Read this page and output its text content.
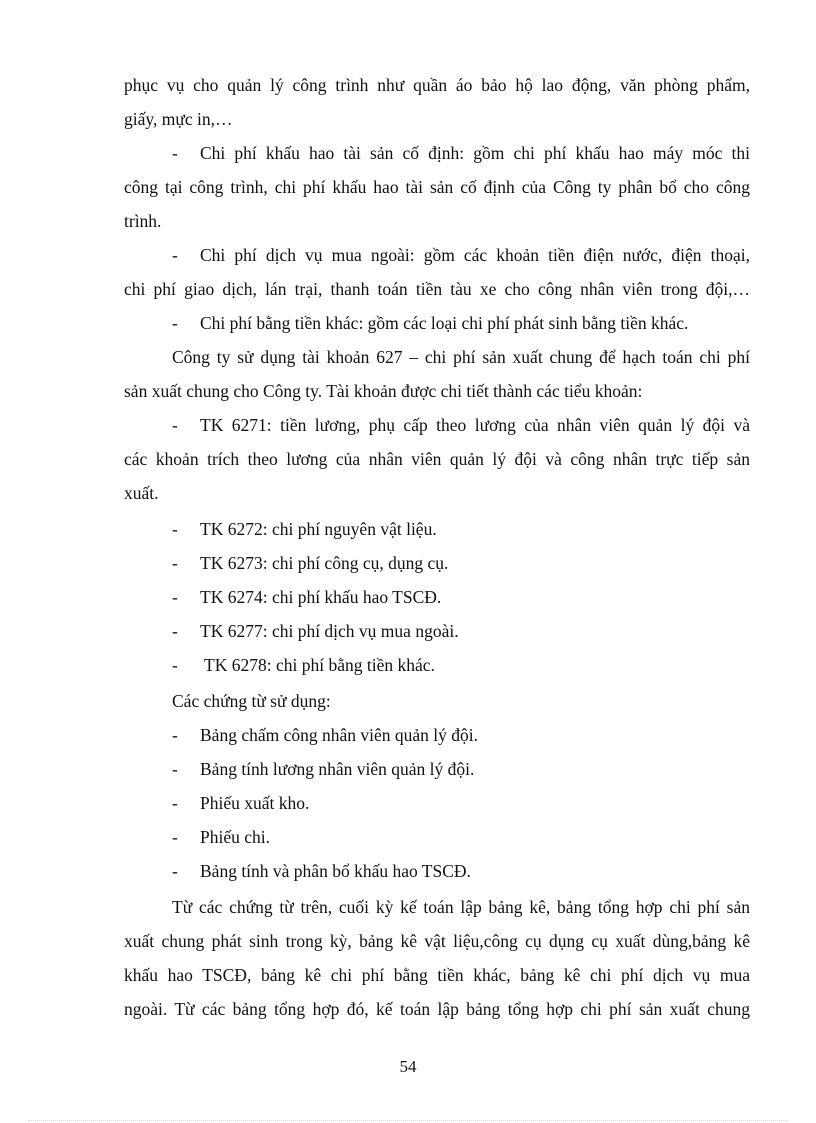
phục vụ cho quản lý công trình như quần áo bảo hộ lao động, văn phòng phẩm,
giấy, mực in,…
- Chi phí khấu hao tài sản cố định: gồm chi phí khấu hao máy móc thi
công tại công trình, chi phí khấu hao tài sản cố định của Công ty phân bổ cho công
trình.
- Chi phí dịch vụ mua ngoài: gồm các khoản tiền điện nước, điện thoại,
chi phí giao dịch, lán trại, thanh toán tiền tàu xe cho công nhân viên trong đội,…
- Chi phí bằng tiền khác: gồm các loại chi phí phát sinh bằng tiền khác.
Công ty sử dụng tài khoản 627 – chi phí sản xuất chung để hạch toán chi phí
sản xuất chung cho Công ty. Tài khoản được chi tiết thành các tiểu khoản:
- TK 6271: tiền lương, phụ cấp theo lương của nhân viên quản lý đội và
các khoản trích theo lương của nhân viên quản lý đội và công nhân trực tiếp sản
xuất.
- TK 6272: chi phí nguyên vật liệu.
- TK 6273: chi phí công cụ, dụng cụ.
- TK 6274: chi phí khấu hao TSCĐ.
- TK 6277: chi phí dịch vụ mua ngoài.
- TK 6278: chi phí bằng tiền khác.
Các chứng từ sử dụng:
- Bảng chấm công nhân viên quản lý đội.
- Bảng tính lương nhân viên quản lý đội.
- Phiếu xuất kho.
- Phiếu chi.
- Bảng tính và phân bổ khấu hao TSCĐ.
Từ các chứng từ trên, cuối kỳ kế toán lập bảng kê, bảng tổng hợp chi phí sản
xuất chung phát sinh trong kỳ, bảng kê vật liệu,công cụ dụng cụ xuất dùng,bảng kê
khấu hao TSCĐ, bảng kê chi phí bằng tiền khác, bảng kê chi phí dịch vụ mua
ngoài. Từ các bảng tổng hợp đó, kế toán lập bảng tổng hợp chi phí sản xuất chung
54
